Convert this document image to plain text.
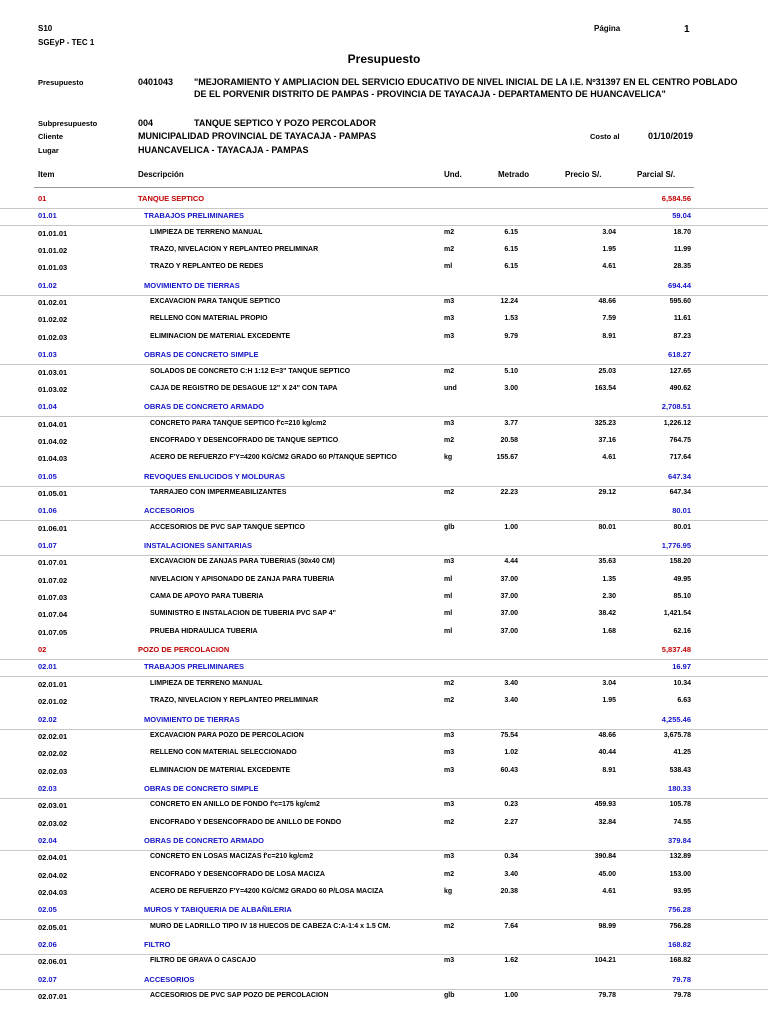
S10
SGEyP - TEC 1
Página	1
Presupuesto
Presupuesto	0401043 "MEJORAMIENTO Y AMPLIACION DEL SERVICIO EDUCATIVO DE NIVEL INICIAL DE LA I.E. Nº31397 EN EL CENTRO POBLADO
DE EL PORVENIR DISTRITO DE PAMPAS - PROVINCIA DE TAYACAJA - DEPARTAMENTO DE HUANCAVELICA"
Subpresupuesto	004	TANQUE SEPTICO Y POZO PERCOLADOR
Cliente	MUNICIPALIDAD PROVINCIAL DE TAYACAJA - PAMPAS	Costo al	01/10/2019
Lugar	HUANCAVELICA - TAYACAJA - PAMPAS
Item	Descripción	Und.	Metrado	Precio S/.	Parcial S/.
01	TANQUE SEPTICO	6,584.56
01.01	TRABAJOS PRELIMINARES	59.04
01.01.01	LIMPIEZA DE TERRENO MANUAL	m2	6.15	3.04	18.70
01.01.02	TRAZO, NIVELACION Y REPLANTEO PRELIMINAR	m2	6.15	1.95	11.99
01.01.03	TRAZO Y REPLANTEO DE REDES	ml	6.15	4.61	28.35
01.02	MOVIMIENTO DE TIERRAS	694.44
01.02.01	EXCAVACION PARA TANQUE SEPTICO	m3	12.24	48.66	595.60
01.02.02	RELLENO CON MATERIAL PROPIO	m3	1.53	7.59	11.61
01.02.03	ELIMINACION DE MATERIAL EXCEDENTE	m3	9.79	8.91	87.23
01.03	OBRAS DE CONCRETO SIMPLE	618.27
01.03.01	SOLADOS DE CONCRETO C:H 1:12 E=3" TANQUE SEPTICO	m2	5.10	25.03	127.65
01.03.02	CAJA DE REGISTRO DE DESAGUE 12" X 24" CON TAPA	und	3.00	163.54	490.62
01.04	OBRAS DE CONCRETO ARMADO	2,708.51
01.04.01	CONCRETO PARA TANQUE SEPTICO f'c=210 kg/cm2	m3	3.77	325.23	1,226.12
01.04.02	ENCOFRADO Y DESENCOFRADO DE TANQUE SEPTICO	m2	20.58	37.16	764.75
01.04.03	ACERO DE REFUERZO F'Y=4200 KG/CM2 GRADO 60 P/TANQUE SEPTICO	kg	155.67	4.61	717.64
01.05	REVOQUES ENLUCIDOS Y MOLDURAS	647.34
01.05.01	TARRAJEO CON IMPERMEABILIZANTES	m2	22.23	29.12	647.34
01.06	ACCESORIOS	80.01
01.06.01	ACCESORIOS DE PVC SAP TANQUE SEPTICO	glb	1.00	80.01	80.01
01.07	INSTALACIONES SANITARIAS	1,776.95
01.07.01	EXCAVACION DE ZANJAS PARA TUBERIAS (30x40 CM)	m3	4.44	35.63	158.20
01.07.02	NIVELACION Y APISONADO DE ZANJA PARA TUBERIA	ml	37.00	1.35	49.95
01.07.03	CAMA DE APOYO PARA TUBERIA	ml	37.00	2.30	85.10
01.07.04	SUMINISTRO E INSTALACION DE TUBERIA PVC SAP 4"	ml	37.00	38.42	1,421.54
01.07.05	PRUEBA HIDRAULICA TUBERIA	ml	37.00	1.68	62.16
02	POZO DE PERCOLACION	5,837.48
02.01	TRABAJOS PRELIMINARES	16.97
02.01.01	LIMPIEZA DE TERRENO MANUAL	m2	3.40	3.04	10.34
02.01.02	TRAZO, NIVELACION Y REPLANTEO PRELIMINAR	m2	3.40	1.95	6.63
02.02	MOVIMIENTO DE TIERRAS	4,255.46
02.02.01	EXCAVACION PARA POZO DE PERCOLACION	m3	75.54	48.66	3,675.78
02.02.02	RELLENO CON MATERIAL SELECCIONADO	m3	1.02	40.44	41.25
02.02.03	ELIMINACION DE MATERIAL EXCEDENTE	m3	60.43	8.91	538.43
02.03	OBRAS DE CONCRETO SIMPLE	180.33
02.03.01	CONCRETO EN ANILLO DE FONDO f'c=175 kg/cm2	m3	0.23	459.93	105.78
02.03.02	ENCOFRADO Y DESENCOFRADO DE ANILLO DE FONDO	m2	2.27	32.84	74.55
02.04	OBRAS DE CONCRETO ARMADO	379.84
02.04.01	CONCRETO EN LOSAS MACIZAS f'c=210 kg/cm2	m3	0.34	390.84	132.89
02.04.02	ENCOFRADO Y DESENCOFRADO DE LOSA MACIZA	m2	3.40	45.00	153.00
02.04.03	ACERO DE REFUERZO F'Y=4200 KG/CM2 GRADO 60 P/LOSA MACIZA	kg	20.38	4.61	93.95
02.05	MUROS Y TABIQUERIA DE ALBAÑILERIA	756.28
02.05.01	MURO DE LADRILLO TIPO IV 18 HUECOS DE CABEZA C:A-1:4 x 1.5 CM.	m2	7.64	98.99	756.28
02.06	FILTRO	168.82
02.06.01	FILTRO DE GRAVA O CASCAJO	m3	1.62	104.21	168.82
02.07	ACCESORIOS	79.78
02.07.01	ACCESORIOS DE PVC SAP POZO DE PERCOLACION	glb	1.00	79.78	79.78
